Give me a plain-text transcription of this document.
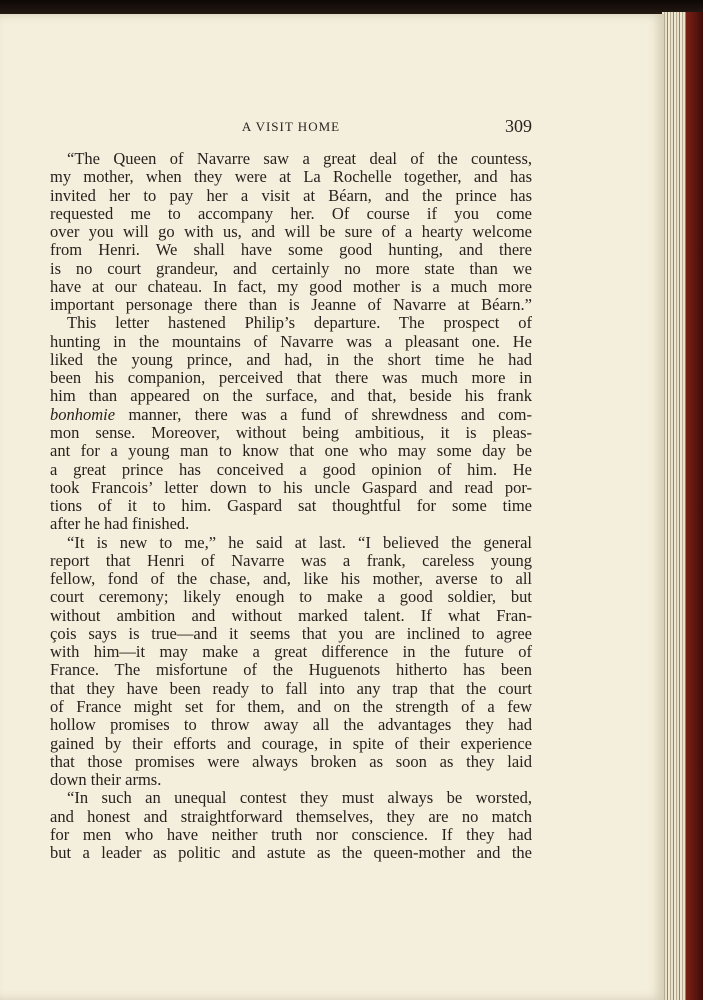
A VISIT HOME	309
“The Queen of Navarre saw a great deal of the countess,
my mother, when they were at La Rochelle together, and has
invited her to pay her a visit at Béarn, and the prince has
requested me to accompany her. Of course if you come
over you will go with us, and will be sure of a hearty welcome
from Henri. We shall have some good hunting, and there
is no court grandeur, and certainly no more state than we
have at our chateau. In fact, my good mother is a much more
important personage there than is Jeanne of Navarre at Béarn.”
This letter hastened Philip’s departure. The prospect of
hunting in the mountains of Navarre was a pleasant one. He
liked the young prince, and had, in the short time he had
been his companion, perceived that there was much more in
him than appeared on the surface, and that, beside his frank
bonhomie manner, there was a fund of shrewdness and com-
mon sense. Moreover, without being ambitious, it is pleas-
ant for a young man to know that one who may some day be
a great prince has conceived a good opinion of him. He
took Francois’ letter down to his uncle Gaspard and read por-
tions of it to him. Gaspard sat thoughtful for some time
after he had finished.
“It is new to me,” he said at last. “I believed the general
report that Henri of Navarre was a frank, careless young
fellow, fond of the chase, and, like his mother, averse to all
court ceremony; likely enough to make a good soldier, but
without ambition and without marked talent. If what Fran-
çois says is true—and it seems that you are inclined to agree
with him—it may make a great difference in the future of
France. The misfortune of the Huguenots hitherto has been
that they have been ready to fall into any trap that the court
of France might set for them, and on the strength of a few
hollow promises to throw away all the advantages they had
gained by their efforts and courage, in spite of their experience
that those promises were always broken as soon as they laid
down their arms.
“In such an unequal contest they must always be worsted,
and honest and straightforward themselves, they are no match
for men who have neither truth nor conscience. If they had
but a leader as politic and astute as the queen-mother and the
